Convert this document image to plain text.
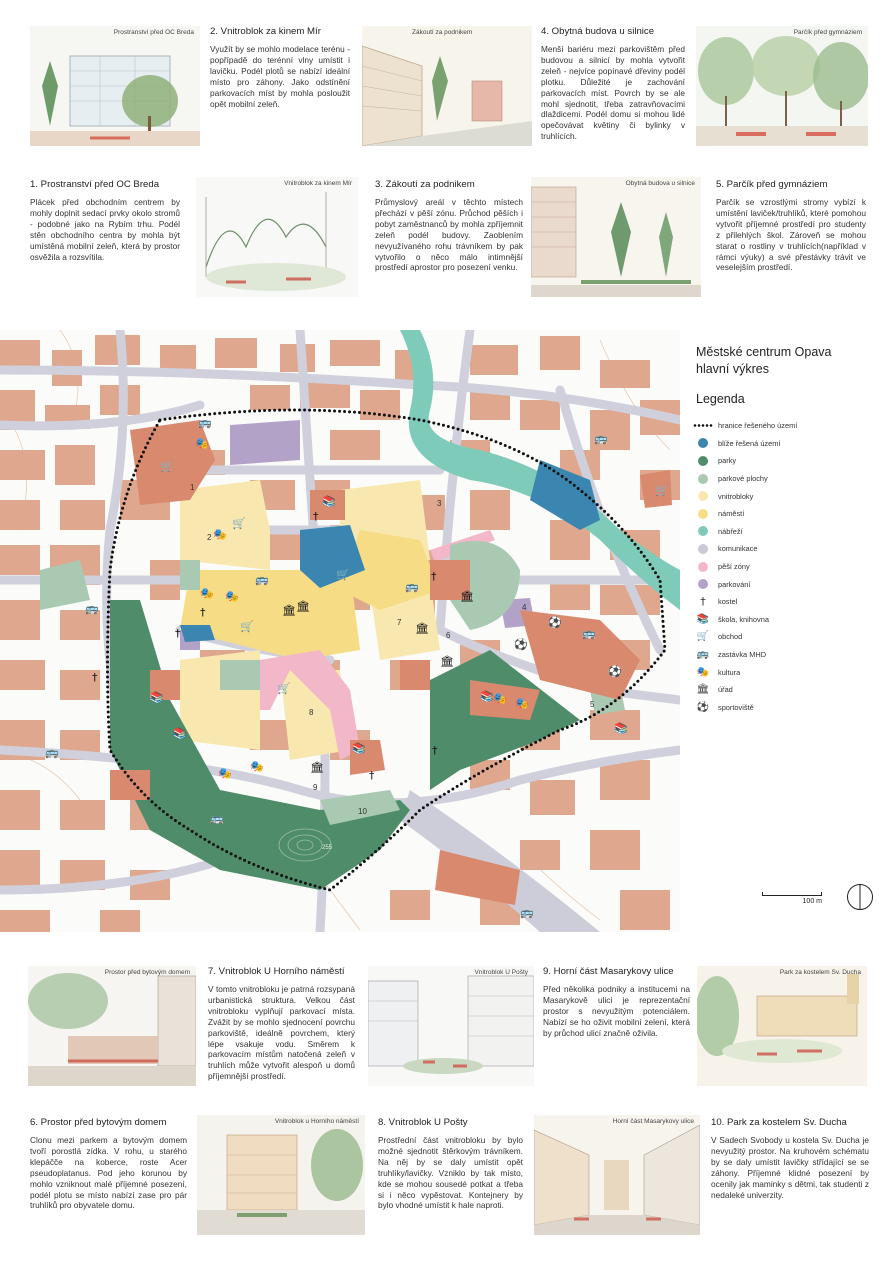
Prostranství před OC Breda 2. Vnitroblok za kinem Mír
Využít by se mohlo modelace terénu - popřípadě do terénní vlny umístit i lavičku. Podél plotů se nabízí ideální místo pro záhony. Jako odstínění parkovacích míst by mohla posloužit opět mobilní zeleň.
Zákoutí za podnikem	4. Obytná budova u silnice
Menší bariéru mezi parkovištěm před budovou a silnicí by mohla vytvořit zeleň - nejvíce popínavé dřeviny podél plotku. Důležité je zachování parkovacích míst. Povrch by se ale mohl sjednotit, třeba zatravňovacími dlaždicemi. Podél domu si mohou lidé opečovávat květiny či bylinky v truhlících.
Parčík před gymnáziem
1. Prostranství před OC Breda
Plácek před obchodním centrem by mohly doplnit sedací prvky okolo stromů - podobné jako na Rybím trhu. Podél stěn obchodního centra by mohla být umístěná mobilní zeleň, která by prostor osvěžila a rozsvítila.
Vnitroblok za kinem Mír 3. Zákoutí za podnikem
Průmyslový areál v těchto místech přechází v pěší zónu. Průchod pěších i pobyt zaměstnanců by mohla zpříjemnit zeleň podél budovy. Zaoblením nevyužívaného rohu trávníkem by pak vytvořilo o něco málo intimnější prostředí aprostor pro posezení venku.
Obytná budova u silnice 5. Parčík před gymnáziem
Parčík se vzrostlými stromy vybízí k umístění laviček/truhlíků, které pomohou vytvořit příjemné prostředí pro studenty z přilehlých škol. Zároveň se mohou starat o rostliny v truhlících(například v rámci výuky) a své přestávky trávit ve veselejším prostředí.
1
2
3
4
5
6
7
8
9
10
255
🚌
🚌
🚌
🚌
🚌
🚌
🚌
🚌
🚌
🎭
🎭
🎭 🎭
🎭
🎭
🎭
🎭
🏛 🏛
🏛
🏛
🏛
🏛
📚
📚	📚
📚
📚
📚
🛒
🛒
🛒
🛒
🛒
🛒
⚽
⚽
⚽
†
†
†
†
†
†
†
Městské centrum Opava
hlavní výkres
Legenda
hranice řešeného území
blíže řešená území
parky
parkové plochy
vnitrobloky
náměstí
nábřeží
komunikace
pěší zóny
parkování
†	kostel
📚	škola, knihovna
🛒	obchod
🚌	zastávka MHD
🎭	kultura
🏛	úřad
⚽	sportoviště
100 m
Prostor před bytovým domem 7. Vnitroblok U Horního náměstí
V tomto vnitrobloku je patrná rozsypaná urbanistická struktura. Velkou část vnitrobloku vyplňují parkovací místa. Zvážit by se mohlo sjednocení povrchu parkoviště, ideálně povrchem, který lépe vsakuje vodu. Směrem k parkovacím místům natočená zeleň v truhlích může vytvořit alespoň u domů příjemnější prostředí.
Vnitroblok U Pošty 9. Horní část Masarykovy ulice
Před několika podniky a institucemi na Masarykově ulici je reprezentační prostor s nevyužitým potenciálem. Nabízí se ho oživit mobilní zelení, která by průchod ulicí značně oživila.
Park za kostelem Sv. Ducha
6. Prostor před bytovým domem
Clonu mezi parkem a bytovým domem tvoří porostlá zídka. V rohu, u starého klepáčče na koberce, roste Acer pseudoplatanus. Pod jeho korunou by mohlo vzniknout malé příjemné posezení, podél plotu se místo nabízí zase pro pár truhlíků pro obyvatele domu.
Vnitroblok u Horního náměstí 8. Vnitroblok U Pošty
Prostřední část vnitrobloku by bylo možné sjednotit štěrkovým trávníkem. Na něj by se daly umístit opět truhlíky/lavičky. Vzniklo by tak místo, kde se mohou sousedé potkat a třeba si i něco vypěstovat. Kontejnery by bylo vhodné umístit k hale naproti.
Horní část Masarykovy ulice 10. Park za kostelem Sv. Ducha
V Sadech Svobody u kostela Sv. Ducha je nevyužitý prostor. Na kruhovém schématu by se daly umístit lavičky střídající se se záhony. Příjemné klidné posezení by ocenily jak maminky s dětmi, tak studenti z nedaleké univerzity.
